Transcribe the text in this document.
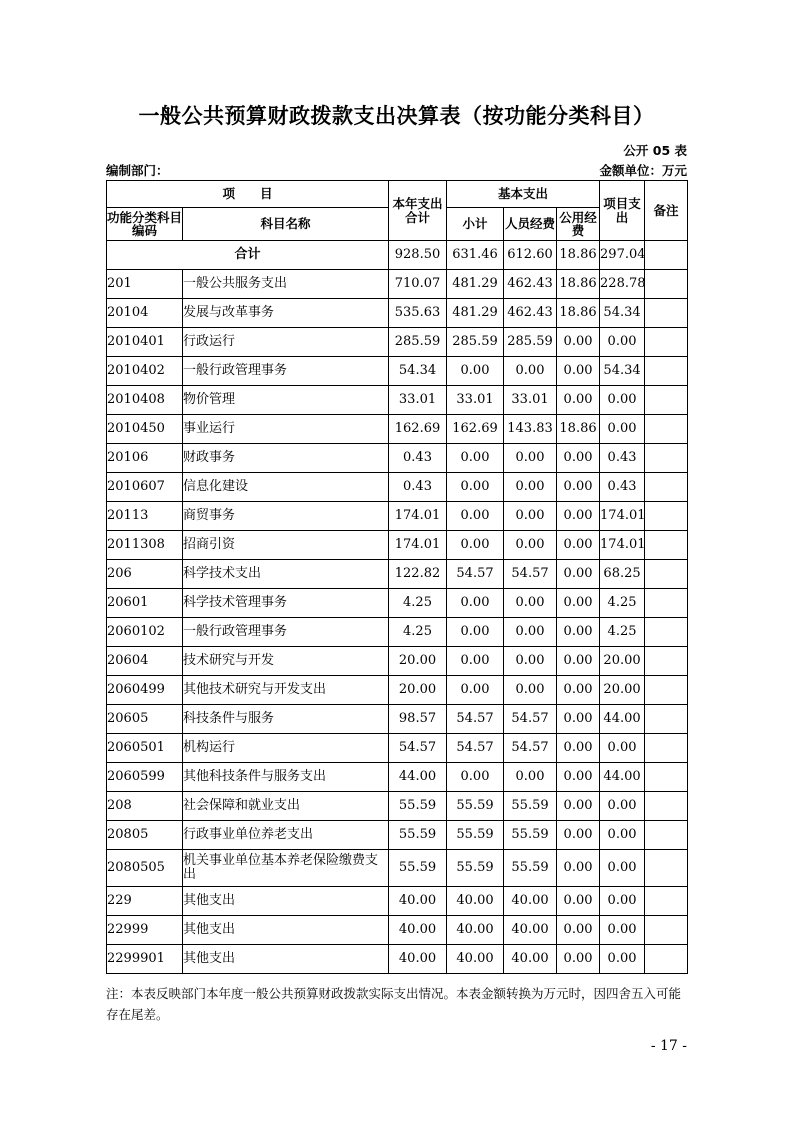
一般公共预算财政拨款支出决算表（按功能分类科目）
公开 05 表
编制部门：	金额单位：万元
项　　目		本年支出合计	基本支出			项目支出	备注
功能分类科目编码	科目名称		小计	人员经费	公用经费		
合计		928.50	631.46	612.60	18.86	297.04	
201	一般公共服务支出	710.07	481.29	462.43	18.86	228.78	
20104	发展与改革事务	535.63	481.29	462.43	18.86	54.34	
2010401	行政运行	285.59	285.59	285.59	0.00	0.00	
2010402	一般行政管理事务	54.34	0.00	0.00	0.00	54.34	
2010408	物价管理	33.01	33.01	33.01	0.00	0.00	
2010450	事业运行	162.69	162.69	143.83	18.86	0.00	
20106	财政事务	0.43	0.00	0.00	0.00	0.43	
2010607	信息化建设	0.43	0.00	0.00	0.00	0.43	
20113	商贸事务	174.01	0.00	0.00	0.00	174.01	
2011308	招商引资	174.01	0.00	0.00	0.00	174.01	
206	科学技术支出	122.82	54.57	54.57	0.00	68.25	
20601	科学技术管理事务	4.25	0.00	0.00	0.00	4.25	
2060102	一般行政管理事务	4.25	0.00	0.00	0.00	4.25	
20604	技术研究与开发	20.00	0.00	0.00	0.00	20.00	
2060499	其他技术研究与开发支出	20.00	0.00	0.00	0.00	20.00	
20605	科技条件与服务	98.57	54.57	54.57	0.00	44.00	
2060501	机构运行	54.57	54.57	54.57	0.00	0.00	
2060599	其他科技条件与服务支出	44.00	0.00	0.00	0.00	44.00	
208	社会保障和就业支出	55.59	55.59	55.59	0.00	0.00	
20805	行政事业单位养老支出	55.59	55.59	55.59	0.00	0.00	
2080505	机关事业单位基本养老保险缴费支出	55.59	55.59	55.59	0.00	0.00	
229	其他支出	40.00	40.00	40.00	0.00	0.00	
22999	其他支出	40.00	40.00	40.00	0.00	0.00	
2299901	其他支出	40.00	40.00	40.00	0.00	0.00	
注：本表反映部门本年度一般公共预算财政拨款实际支出情况。本表金额转换为万元时，因四舍五入可能存在尾差。
- 17 -
